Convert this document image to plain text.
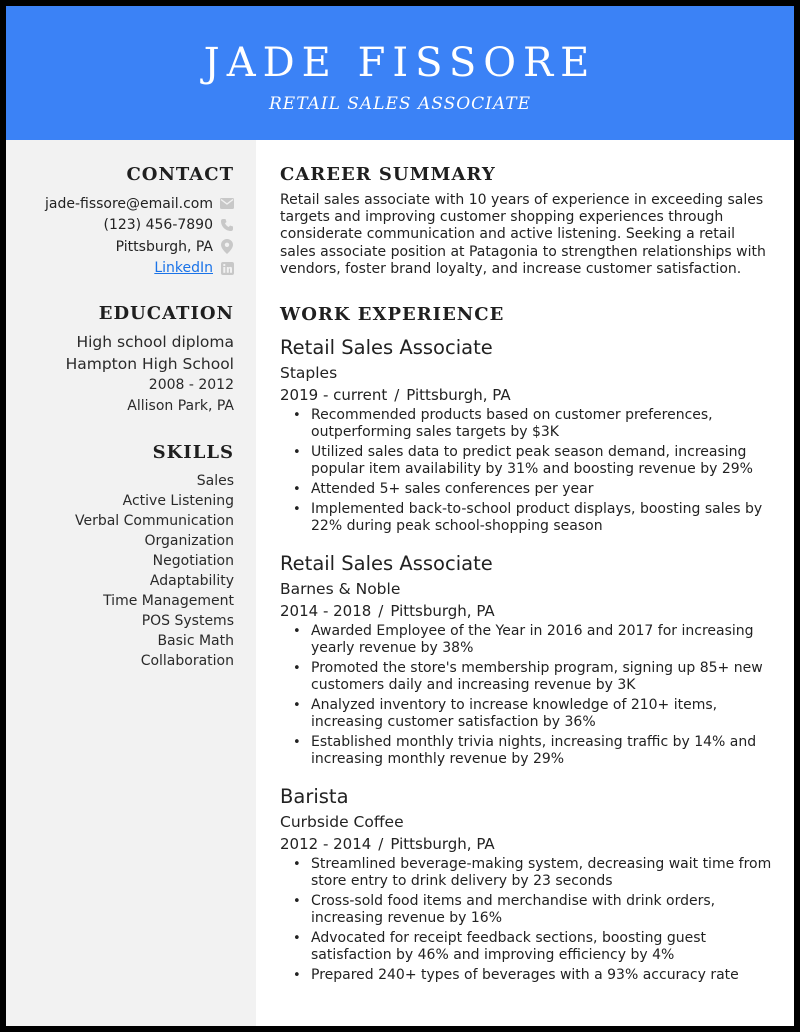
JADE FISSORE
RETAIL SALES ASSOCIATE
CONTACT
jade-fissore@email.com
(123) 456-7890
Pittsburgh, PA
LinkedIn
EDUCATION
High school diploma
Hampton High School
2008 - 2012
Allison Park, PA
SKILLS
Sales
Active Listening
Verbal Communication
Organization
Negotiation
Adaptability
Time Management
POS Systems
Basic Math
Collaboration
CAREER SUMMARY

Retail sales associate with 10 years of experience in exceeding sales targets and improving customer shopping experiences through considerate communication and active listening. Seeking a retail sales associate position at Patagonia to strengthen relationships with vendors, foster brand loyalty, and increase customer satisfaction.

WORK EXPERIENCE
Retail Sales Associate
Staples
2019 - current / Pittsburgh, PA
• Recommended products based on customer preferences, outperforming sales targets by $3K
• Utilized sales data to predict peak season demand, increasing popular item availability by 31% and boosting revenue by 29%
• Attended 5+ sales conferences per year
• Implemented back-to-school product displays, boosting sales by 22% during peak school-shopping season
Retail Sales Associate
Barnes & Noble
2014 - 2018 / Pittsburgh, PA
• Awarded Employee of the Year in 2016 and 2017 for increasing yearly revenue by 38%
• Promoted the store's membership program, signing up 85+ new customers daily and increasing revenue by 3K
• Analyzed inventory to increase knowledge of 210+ items, increasing customer satisfaction by 36%
• Established monthly trivia nights, increasing traffic by 14% and increasing monthly revenue by 29%
Barista
Curbside Coffee
2012 - 2014 / Pittsburgh, PA
• Streamlined beverage-making system, decreasing wait time from store entry to drink delivery by 23 seconds
• Cross-sold food items and merchandise with drink orders, increasing revenue by 16%
• Advocated for receipt feedback sections, boosting guest satisfaction by 46% and improving efficiency by 4%
• Prepared 240+ types of beverages with a 93% accuracy rate
